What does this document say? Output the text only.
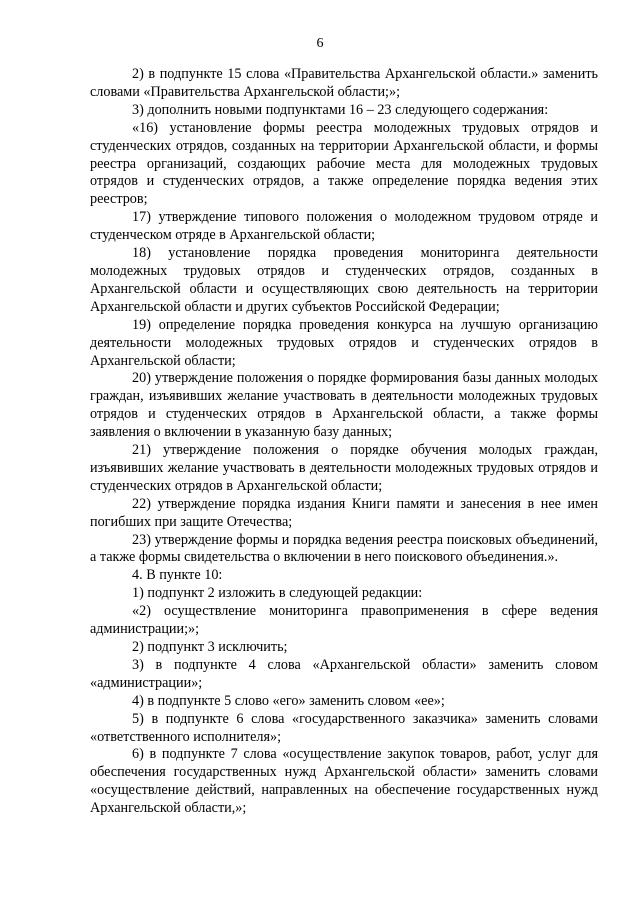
6

2) в подпункте 15 слова «Правительства Архангельской области.» заменить словами «Правительства Архангельской области;»;

3) дополнить новыми подпунктами 16 – 23 следующего содержания:

«16) установление формы реестра молодежных трудовых отрядов и студенческих отрядов, созданных на территории Архангельской области, и формы реестра организаций, создающих рабочие места для молодежных трудовых отрядов и студенческих отрядов, а также определение порядка ведения этих реестров;

17) утверждение типового положения о молодежном трудовом отряде и студенческом отряде в Архангельской области;

18) установление порядка проведения мониторинга деятельности молодежных трудовых отрядов и студенческих отрядов, созданных в Архангельской области и осуществляющих свою деятельность на территории Архангельской области и других субъектов Российской Федерации;

19) определение порядка проведения конкурса на лучшую организацию деятельности молодежных трудовых отрядов и студенческих отрядов в Архангельской области;

20) утверждение положения о порядке формирования базы данных молодых граждан, изъявивших желание участвовать в деятельности молодежных трудовых отрядов и студенческих отрядов в Архангельской области, а также формы заявления о включении в указанную базу данных;

21) утверждение положения о порядке обучения молодых граждан, изъявивших желание участвовать в деятельности молодежных трудовых отрядов и студенческих отрядов в Архангельской области;

22) утверждение порядка издания Книги памяти и занесения в нее имен погибших при защите Отечества;

23) утверждение формы и порядка ведения реестра поисковых объединений, а также формы свидетельства о включении в него поискового объединения.».

4. В пункте 10:

1) подпункт 2 изложить в следующей редакции:

«2) осуществление мониторинга правоприменения в сфере ведения администрации;»;

2) подпункт 3 исключить;

3) в подпункте 4 слова «Архангельской области» заменить словом «администрации»;

4) в подпункте 5 слово «его» заменить словом «ее»;

5) в подпункте 6 слова «государственного заказчика» заменить словами «ответственного исполнителя»;

6) в подпункте 7 слова «осуществление закупок товаров, работ, услуг для обеспечения государственных нужд Архангельской области» заменить словами «осуществление действий, направленных на обеспечение государственных нужд Архангельской области,»;
